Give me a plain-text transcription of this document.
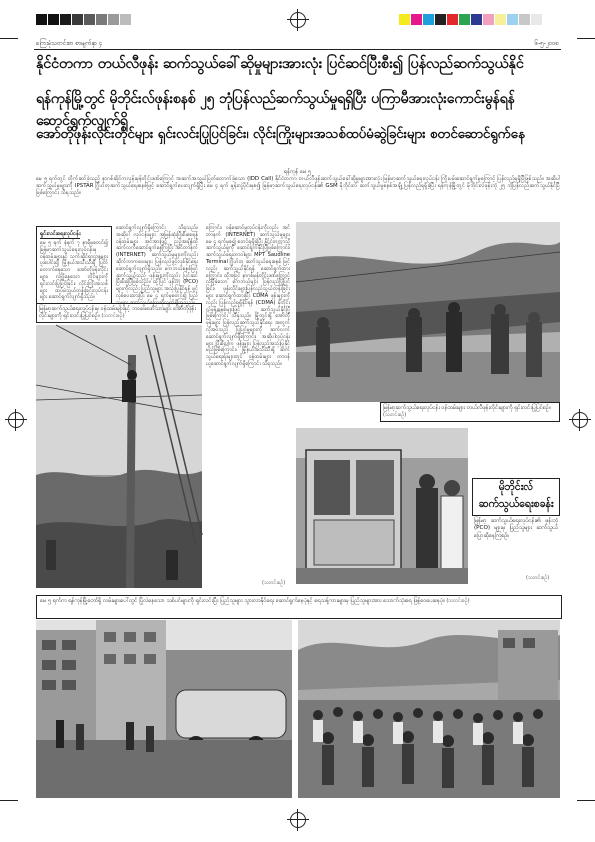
ကြေးမုံသတင်းစာ စာမျက်နှာ ၄	၆-၅-၂၀၀၈
နိုင်ငံတကာ တယ်လီဖုန်း ဆက်သွယ်ခေါ်ဆိုမှုများအားလုံး ပြင်ဆင်ပြီးစီး၍ ပြန်လည်ဆက်သွယ်နိုင်
ရန်ကုန်မြို့တွင် မိုဘိုင်းလ်ဖုန်းစနစ် ၂၅ ဘုံပြန်လည်ဆက်သွယ်မှုရရှိပြီး ပကြာမီအားလုံးကောင်းမွန်ရန်ဆောင်ရွက်လျက်ရှိ
အော်တိုဖုန်းလိုင်းတိုင်များ ရှင်းလင်းပြုပြင်ခြင်း၊ လိုင်းကြိုးများအသစ်ထပ်မံဆွဲခြင်းများ စတင်ဆောင်ရွက်နေ
ရန်ကုန် မေ ၅
မေ ၅ ရက်တွင် တိုက်ခတ်ခဲ့သည့် နာဂစ်ဆိုင်ကလုန်းမုန်တိုင်းဒဏ်ကြောင့် အဆက်အသွယ်ပြတ်တောက်ခဲ့သော (IDD Call) နိုင်ငံတကာ တယ်လီဖုန်းဆက်သွယ်ခေါ်ဆိုမှုများအားလုံး မြန်မာ့ဆက်သွယ်ရေးလုပ်ငန်း ကြိုးပမ်းဆောင်ရွက်မှုကြောင့် ပြန်လည်ရရှိပြီဖြစ်သည်။ အဆိုပါဆက်သွယ်မှုများကို IPSTAR ဂြိုဟ်တုဆက်သွယ်ရေးစနစ်ဖြင့် ဆောင်ရွက်ပေးလျက်ရှိပြီး မေ ၄ ရက် မွန်းလွဲပိုင်းမှစ၍ မြန်မာ့ဆက်သွယ်ရေးလုပ်ငန်း၏ GSM မိုဘိုင်းလ် ဆက်သွယ်မှုစနစ်အချို့ ပြန်လည်ရရှိခဲ့ပြီး ရန်ကုန်မြို့တွင် မိုဘိုင်းလ်ဖုန်းဘုံ ၂၅ ဘုံပြန်လည်ဆက်သွယ်နိုင်ပြီဖြစ်ကြောင်း သိရသည်။
ရှင်းလင်းရေးလုပ်ငန်း
မေ ၅ ရက် နံနက် ၇ နာရီမှစတင်၍ မြန်မာ့ဆက်သွယ်ရေးလုပ်ငန်းမှ ဝန်ထမ်းများနှင့် သက်ဆိုင်ရာဌာနများ ပူးပေါင်း၍ မြို့နယ်အသီးသီးရှိ ပြတ်တောက်နေသော အော်တိုဖုန်းလိုင်းများ၊ လဲပြိုနေသော တိုင်များကို ရှင်းလင်းပြုပြင်ခြင်း၊ လိုင်းကြိုးအသစ်များ ထပ်မံသွယ်တန်းခြင်းလုပ်ငန်းများ ဆောင်ရွက်လျက်ရှိသည်။
ဆောင်ရွက်လျက်ရှိကြောင်း သိရသည်။ အဆိုပါ လုပ်ငန်းများ အမြန်ဆုံးပြီးစီးစေရန် ဝန်ထမ်းများ အင်အားဖြင့် ညဉ့်အချိန်ထိ ဆက်လက်ဆောင်ရွက်နေကြပြီး အင်တာနက် (INTERNET) ဆက်သွယ်မှုများကိုလည်း ဆိုက်ဘာကဖေးများ ပြန်လည်ဖွင့်လှစ်နိုင်ရေး ဆောင်ရွက်လျက်ရှိသည်။ ကေဘယ်စနစ်ဖြင့် ဆက်သွယ်သည့် ဖုန်းများကိုလည်း ပြင်ဆင်ပြီးစီးခဲ့ပြီဖြစ်သည်။ ထို့ပြင် ဖုန်းဘုံ (PCO) များကိုလည်း ပြည်သူများ အသုံးပြုနိုင်ရန် ဖွင့်လှစ်ပေးထားပြီး မေ ၄ ရက်မှစတင်၍ ပြည်သူများ ဆက်သွယ်ပြောဆိုလျက်ရှိကြသည်။
မြန်မာ့ဆက်သွယ်ရေးလုပ်ငန်းမှ ဝန်ထမ်းများနှင့် ဘဝဖေဖော်သားများ အော်တိုဖုန်းလိုင်းများကို ရှင်းလင်းပြုပြင်စဉ်။ (သတင်းစဉ်)
ကြောင်း၊ ဝန်ဆောင်မှုလုပ်ငန်းကိုလည်း အင်တာနက် (INTERNET) ဆက်သွယ်မှုများ မေ ၄ ရက်မှစ၍ စတင်ရရှိခဲ့ပြီး နိုင်ငံတကာသို့ ဆက်သွယ်မှုကို ဆောင်ရွက်နိုင်ပြီဖြစ်ကြောင်း၊ ဆက်သွယ်ရေးတာဝါများ MPT Saudline Terminal ဂြိုဟ်တု ဆက်သွယ်ရေးစနစ် ဖြင့်လည်း ဆက်သွယ်နိုင်ရန် ဆောင်ရွက်ထားကြောင်း၊ ထို့အပြင် နာဂစ်မုန်တိုင်းဒဏ်ကြောင့် လဲပြိုခဲ့သော ကေဘယ်များ ပြန်လည်ပြုပြင်ခြင်း၊ ဖုန်းလိုင်းများပြန်လည်သွယ်တန်းခြင်းများ ဆောင်ရွက်ထားပြီး CDMA ဖုန်းများကိုလည်း ပြန်လည်ရရှိနိုင်ရန် (CDMA) မိုဘိုင်းလ်ဖုန်းစနစ်များဖြင့် ဆက်သွယ်နိုင်ပြီဖြစ်ကြောင်း သိရသည်။ မြို့တွင်းရှိ အော်တိုဖုန်းများ ပြန်လည်ဆက်သွယ်နိုင်ရေး အတွက် လိုအပ်သည့် ပြုပြင်မှုများကို ဆက်လက်ဆောင်ရွက်လျက်ရှိကြောင်း၊ အဆိုပါလုပ်ငန်းများ ပြီးစီးပါက ဖုန်းများ ပြန်လည်အသုံးပြုနိုင်မည်ဖြစ်ကြောင်း၊ မြို့နယ်အသီးသီးရှိ ဆက်သွယ်ရေးရုံးများတွင် ဝန်ထမ်းများ တာဝန်ယူဆောင်ရွက်လျက်ရှိကြောင်း သိရသည်။
(သတင်းစဉ်)
မြန်မာ့ဆက်သွယ်ရေးလုပ်ငန်း ဝန်ထမ်းများ တယ်လီဖုန်းလိုင်းများကို ရှင်းလင်းပြုပြင်စဉ်။ (သတင်းစဉ်)
မိုဘိုင်းလ်
ဆက်သွယ်ရေးစခန်း
မြန်မာ့ ဆက်သွယ်ရေးလုပ်ငန်း၏ ဖုန်းဘုံ (PCO) များမှ ပြည်သူများ ဆက်သွယ်ပြောဆိုနေကြစဉ်။
(သတင်းစဉ်)
မေ ၅ ရက်က ရန်ကုန်မြို့တော်ရှိ လမ်းများပေါ်တွင် ပြိုလဲနေသော သစ်ပင်များကို ရှင်းလင်းပြီး ပြည်သူများ သွားလာနိုင်ရေး ဆောင်ရွက်နေပုံနှင့် ရေသန့်ကားများမှ ပြည်သူများအား သောက်သုံးရေ ဖြန့်ဝေပေးနေပုံ။ (သတင်းစဉ်)
